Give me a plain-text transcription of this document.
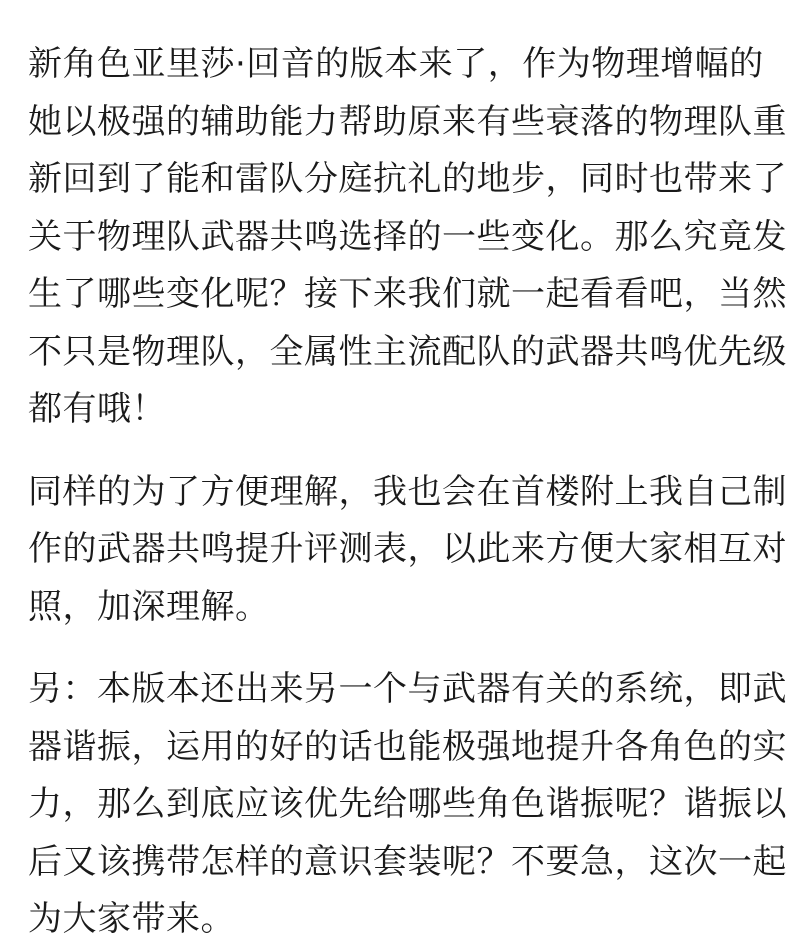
新角色亚里莎·回音的版本来了，作为物理增幅的
她以极强的辅助能力帮助原来有些衰落的物理队重
新回到了能和雷队分庭抗礼的地步，同时也带来了
关于物理队武器共鸣选择的一些变化。那么究竟发
生了哪些变化呢？接下来我们就一起看看吧，当然
不只是物理队，全属性主流配队的武器共鸣优先级
都有哦！

同样的为了方便理解，我也会在首楼附上我自己制
作的武器共鸣提升评测表，以此来方便大家相互对
照，加深理解。

另：本版本还出来另一个与武器有关的系统，即武
器谐振，运用的好的话也能极强地提升各角色的实
力，那么到底应该优先给哪些角色谐振呢？谐振以
后又该携带怎样的意识套装呢？不要急，这次一起
为大家带来。
